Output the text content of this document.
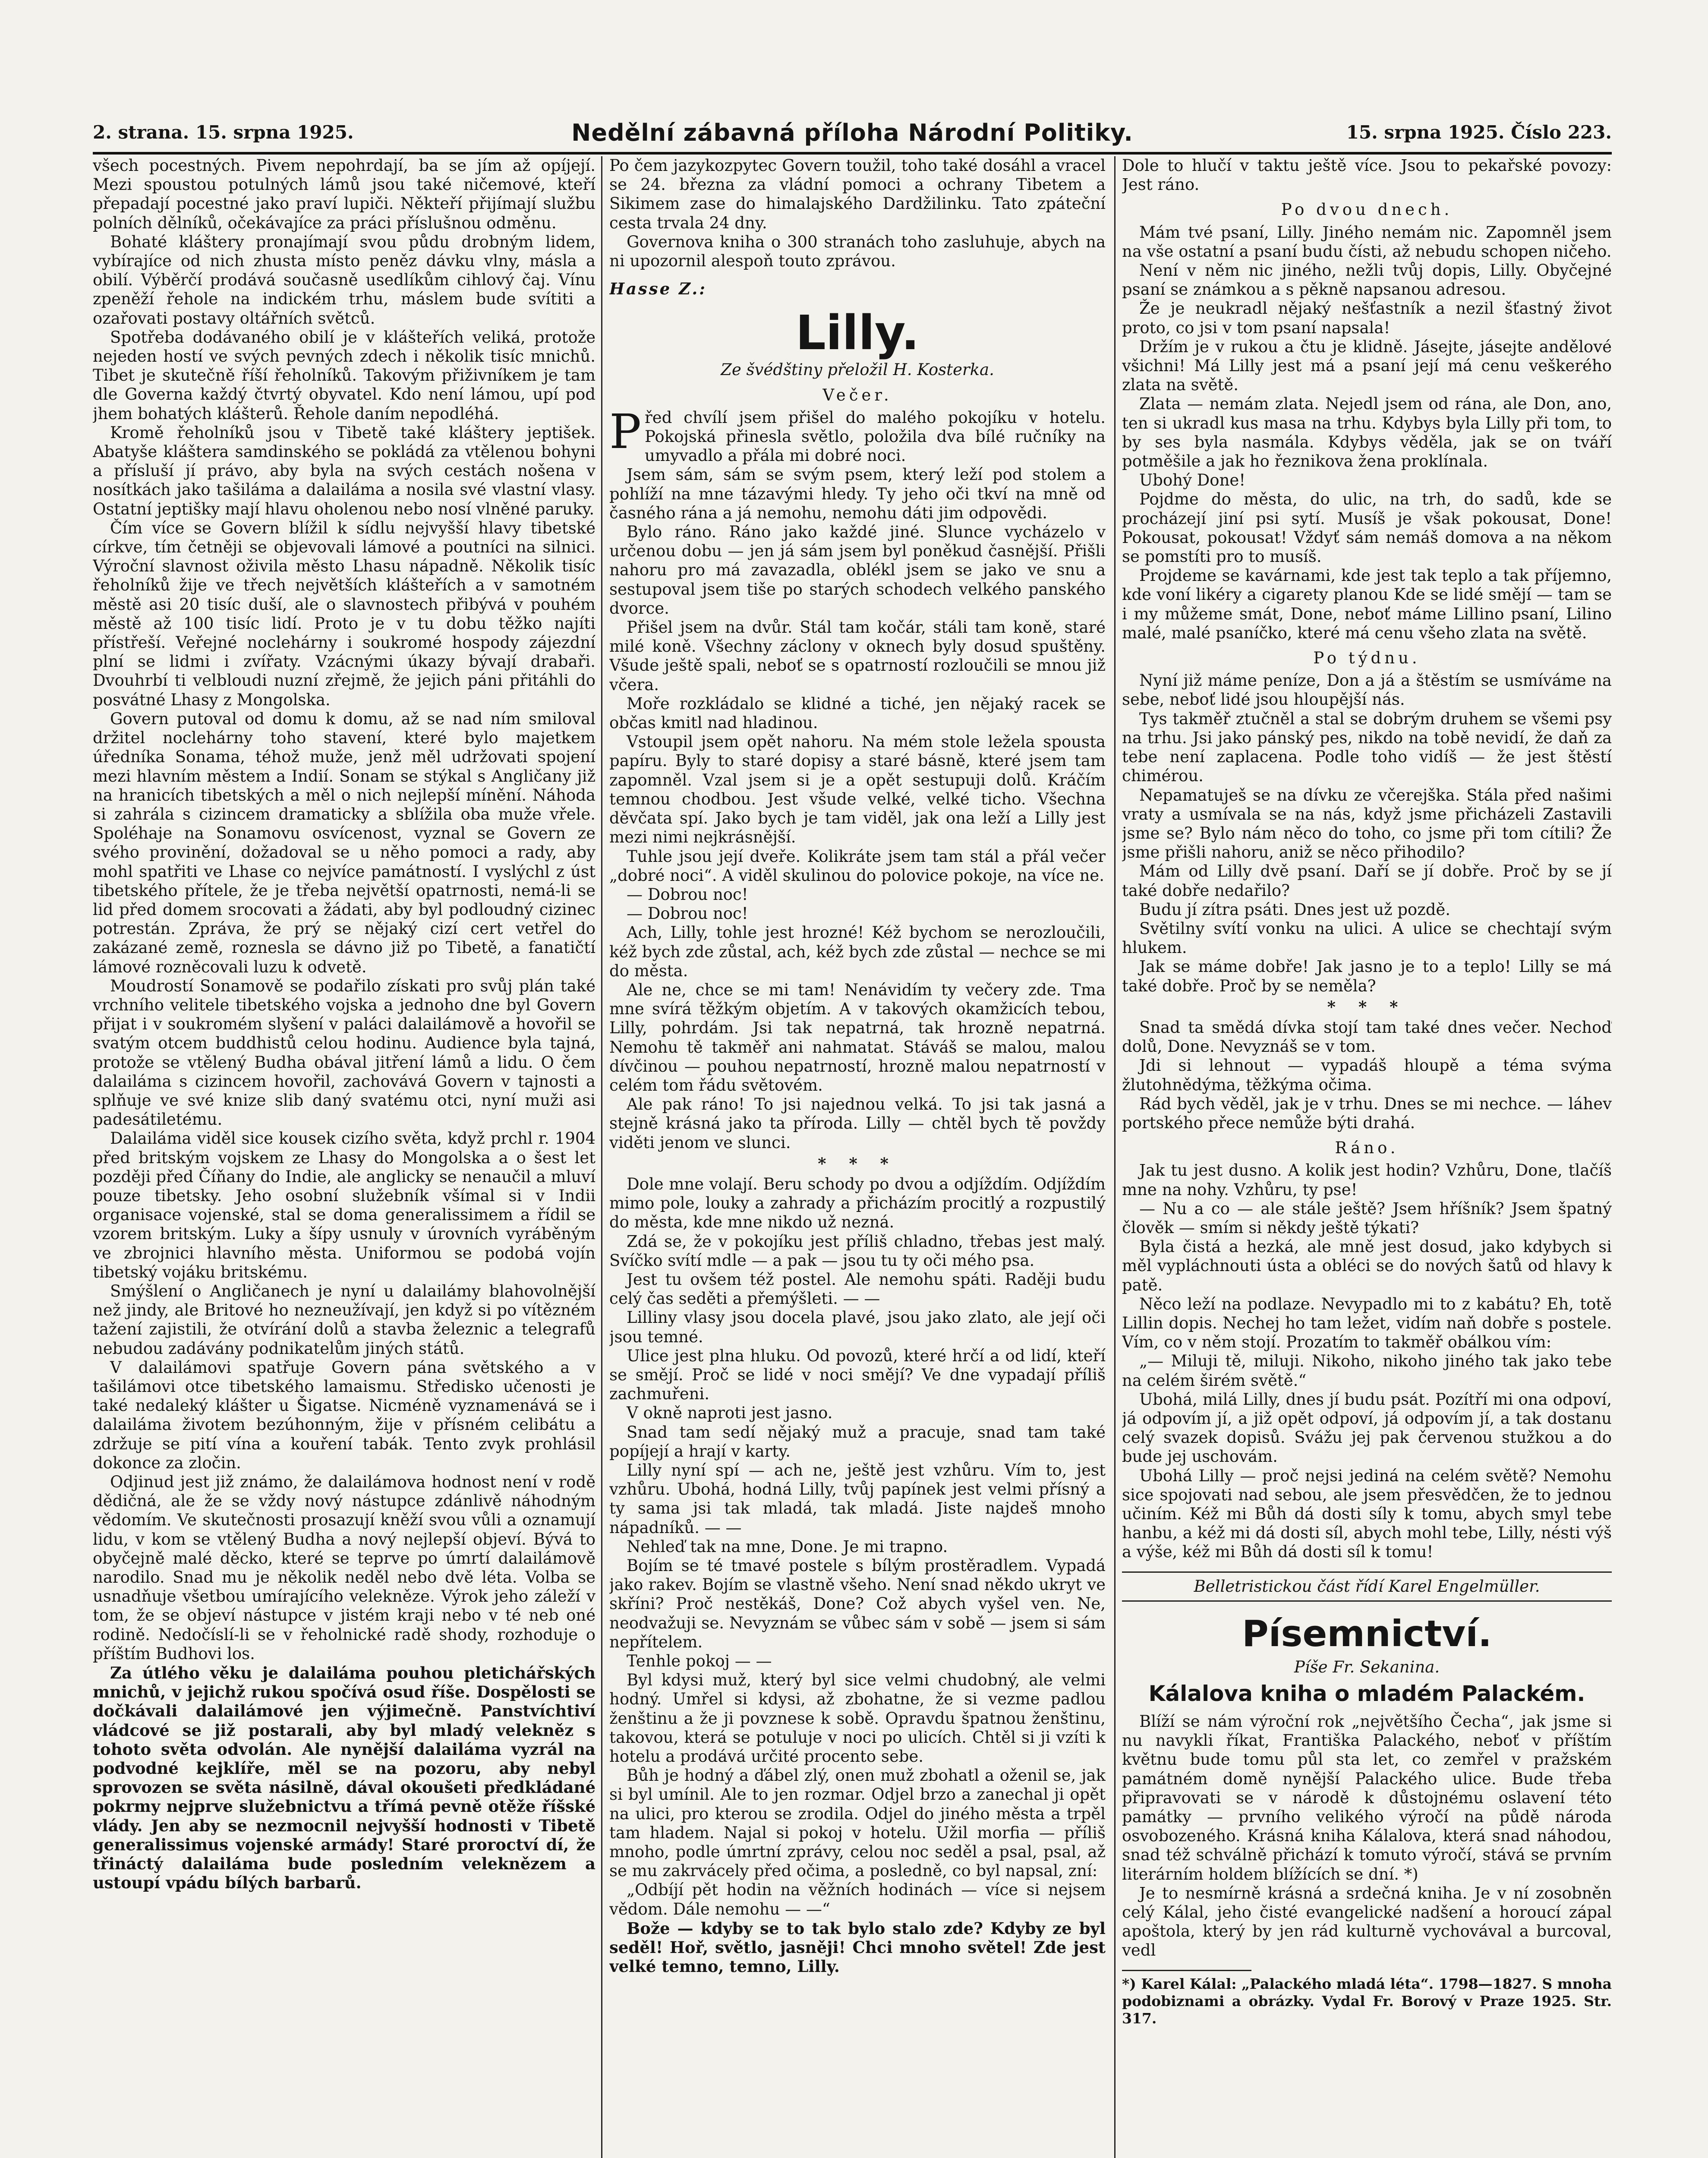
2. strana. 15. srpna 1925.	Nedělní zábavná příloha Národní Politiky.	15. srpna 1925. Číslo 223.

všech pocestných. Pivem nepohrdají, ba se jím až opíjejí. Mezi spoustou potulných lámů jsou také ničemové, kteří přepadají pocestné jako praví lupiči. Někteří přijímají službu polních dělníků, očekávajíce za práci příslušnou odměnu.

Bohaté kláštery pronajímají svou půdu drobným lidem, vybírajíce od nich zhusta místo peněz dávku vlny, másla a obilí. Výběrčí prodává současně usedlíkům cihlový čaj. Vínu zpeněží řehole na indickém trhu, máslem bude svítiti a ozařovati postavy oltářních světců.

Spotřeba dodávaného obilí je v klášteřích veliká, protože nejeden hostí ve svých pevných zdech i několik tisíc mnichů. Tibet je skutečně říší řeholníků. Takovým přiživníkem je tam dle Governa každý čtvrtý obyvatel. Kdo není lámou, upí pod jhem bohatých klášterů. Řehole daním nepodléhá.

Kromě řeholníků jsou v Tibetě také kláštery jeptišek. Abatyše kláštera samdinského se pokládá za vtělenou bohyni a přísluší jí právo, aby byla na svých cestách nošena v nosítkách jako tašiláma a dalailáma a nosila své vlastní vlasy. Ostatní jeptišky mají hlavu oholenou nebo nosí vlněné paruky.

Čím více se Govern blížil k sídlu nejvyšší hlavy tibetské církve, tím četněji se objevovali lámové a poutníci na silnici. Výroční slavnost oživila město Lhasu nápadně. Několik tisíc řeholníků žije ve třech největších klášteřích a v samotném městě asi 20 tisíc duší, ale o slavnostech přibývá v pouhém městě až 100 tisíc lidí. Proto je v tu dobu těžko najíti přístřeší. Veřejné noclehárny i soukromé hospody zájezdní plní se lidmi i zvířaty. Vzácnými úkazy bývají drabaři. Dvouhrbí ti velbloudi nuzní zřejmě, že jejich páni přitáhli do posvátné Lhasy z Mongolska.

Govern putoval od domu k domu, až se nad ním smiloval držitel noclehárny toho stavení, které bylo majetkem úředníka Sonama, téhož muže, jenž měl udržovati spojení mezi hlavním městem a Indií. Sonam se stýkal s Angličany již na hranicích tibetských a měl o nich nejlepší mínění. Náhoda si zahrála s cizincem dramaticky a sblížila oba muže vřele. Spoléhaje na Sonamovu osvícenost, vyznal se Govern ze svého provinění, dožadoval se u něho pomoci a rady, aby mohl spatřiti ve Lhase co nejvíce památností. I vyslýchl z úst tibetského přítele, že je třeba největší opatrnosti, nemá-li se lid před domem srocovati a žádati, aby byl podloudný cizinec potrestán. Zpráva, že prý se nějaký cizí cert vetřel do zakázané země, roznesla se dávno již po Tibetě, a fanatičtí lámové rozněcovali luzu k odvetě.

Moudrostí Sonamově se podařilo získati pro svůj plán také vrchního velitele tibetského vojska a jednoho dne byl Govern přijat i v soukromém slyšení v paláci dalailámově a hovořil se svatým otcem buddhistů celou hodinu. Audience byla tajná, protože se vtělený Budha obával jitření lámů a lidu. O čem dalailáma s cizincem hovořil, zachovává Govern v tajnosti a splňuje ve své knize slib daný svatému otci, nyní muži asi padesátiletému.

Dalailáma viděl sice kousek cizího světa, když prchl r. 1904 před britským vojskem ze Lhasy do Mongolska a o šest let později před Číňany do Indie, ale anglicky se nenaučil a mluví pouze tibetsky. Jeho osobní služebník všímal si v Indii organisace vojenské, stal se doma generalissimem a řídil se vzorem britským. Luky a šípy usnuly v úrovních vyráběným ve zbrojnici hlavního města. Uniformou se podobá vojín tibetský vojáku britskému.

Smýšlení o Angličanech je nyní u dalailámy blahovolnější než jindy, ale Britové ho nezneužívají, jen když si po vítězném tažení zajistili, že otvírání dolů a stavba železnic a telegrafů nebudou zadávány podnikatelům jiných států.

V dalailámovi spatřuje Govern pána světského a v tašilámovi otce tibetského lamaismu. Středisko učenosti je také nedaleký klášter u Šigatse. Nicméně vyznamenává se i dalailáma životem bezúhonným, žije v přísném celibátu a zdržuje se pití vína a kouření tabák. Tento zvyk prohlásil dokonce za zločin.

Odjinud jest již známo, že dalailámova hodnost není v rodě dědičná, ale že se vždy nový nástupce zdánlivě náhodným vědomím. Ve skutečnosti prosazují kněží svou vůli a oznamují lidu, v kom se vtělený Budha a nový nejlepší objeví. Bývá to obyčejně malé děcko, které se teprve po úmrtí dalailámově narodilo. Snad mu je několik neděl nebo dvě léta. Volba se usnadňuje všetbou umírajícího velekněze. Výrok jeho záleží v tom, že se objeví nástupce v jistém kraji nebo v té neb oné rodině. Nedočíslí-li se v řeholnické radě shody, rozhoduje o příštím Budhovi los.

Za útlého věku je dalailáma pouhou pletichářských mnichů, v jejichž rukou spočívá osud říše. Dospělosti se dočkávali dalailámové jen výjimečně. Panstvíchtiví vládcové se již postarali, aby byl mladý velekněz s tohoto světa odvolán. Ale nynější dalailáma vyzrál na podvodné kejklíře, měl se na pozoru, aby nebyl sprovozen se světa násilně, dával okoušeti předkládané pokrmy nejprve služebnictvu a třímá pevně otěže říšské vlády. Jen aby se nezmocnil nejvyšší hodnosti v Tibetě generalissimus vojenské armády! Staré proroctví dí, že třináctý dalailáma bude posledním veleknězem a ustoupí vpádu bílých barbarů.

Po čem jazykozpytec Govern toužil, toho také dosáhl a vracel se 24. března za vládní pomoci a ochrany Tibetem a Sikimem zase do himalajského Dardžilinku. Tato zpáteční cesta trvala 24 dny.

Governova kniha o 300 stranách toho zasluhuje, abych na ni upozornil alespoň touto zprávou.

Hasse Z.:
Lilly.
Ze švédštiny přeložil H. Kosterka.
Večer.

Před chvílí jsem přišel do malého pokojíku v hotelu. Pokojská přinesla světlo, položila dva bílé ručníky na umyvadlo a přála mi dobré noci.

Jsem sám, sám se svým psem, který leží pod stolem a pohlíží na mne tázavými hledy. Ty jeho oči tkví na mně od časného rána a já nemohu, nemohu dáti jim odpovědi.

Bylo ráno. Ráno jako každé jiné. Slunce vycházelo v určenou dobu — jen já sám jsem byl poněkud časnější. Přišli nahoru pro má zavazadla, oblékl jsem se jako ve snu a sestupoval jsem tiše po starých schodech velkého panského dvorce.

Přišel jsem na dvůr. Stál tam kočár, stáli tam koně, staré milé koně. Všechny záclony v oknech byly dosud spuštěny. Všude ještě spali, neboť se s opatrností rozloučili se mnou již včera.

Moře rozkládalo se klidné a tiché, jen nějaký racek se občas kmitl nad hladinou.

Vstoupil jsem opět nahoru. Na mém stole ležela spousta papíru. Byly to staré dopisy a staré básně, které jsem tam zapomněl. Vzal jsem si je a opět sestupuji dolů. Kráčím temnou chodbou. Jest všude velké, velké ticho. Všechna děvčata spí. Jako bych je tam viděl, jak ona leží a Lilly jest mezi nimi nejkrásnější.

Tuhle jsou její dveře. Kolikráte jsem tam stál a přál večer „dobré noci“. A viděl skulinou do polovice pokoje, na více ne.

— Dobrou noc!

— Dobrou noc!

Ach, Lilly, tohle jest hrozné! Kéž bychom se nerozloučili, kéž bych zde zůstal, ach, kéž bych zde zůstal — nechce se mi do města.

Ale ne, chce se mi tam! Nenávidím ty večery zde. Tma mne svírá těžkým objetím. A v takových okamžicích tebou, Lilly, pohrdám. Jsi tak nepatrná, tak hrozně nepatrná. Nemohu tě takměř ani nahmatat. Stáváš se malou, malou dívčinou — pouhou nepatrností, hrozně malou nepatrností v celém tom řádu světovém.

Ale pak ráno! To jsi najednou velká. To jsi tak jasná a stejně krásná jako ta příroda. Lilly — chtěl bych tě povždy viděti jenom ve slunci.

* * *

Dole mne volají. Beru schody po dvou a odjíždím. Odjíždím mimo pole, louky a zahrady a přicházím procitlý a rozpustilý do města, kde mne nikdo už nezná.

Zdá se, že v pokojíku jest příliš chladno, třebas jest malý. Svíčko svítí mdle — a pak — jsou tu ty oči mého psa.

Jest tu ovšem též postel. Ale nemohu spáti. Raději budu celý čas seděti a přemýšleti. — —

Lilliny vlasy jsou docela plavé, jsou jako zlato, ale její oči jsou temné.

Ulice jest plna hluku. Od povozů, které hrčí a od lidí, kteří se smějí. Proč se lidé v noci smějí? Ve dne vypadají příliš zachmuřeni.

V okně naproti jest jasno.

Snad tam sedí nějaký muž a pracuje, snad tam také popíjejí a hrají v karty.

Lilly nyní spí — ach ne, ještě jest vzhůru. Vím to, jest vzhůru. Ubohá, hodná Lilly, tvůj papínek jest velmi přísný a ty sama jsi tak mladá, tak mladá. Jiste najdeš mnoho nápadníků. — —

Nehleď tak na mne, Done. Je mi trapno.

Bojím se té tmavé postele s bílým prostěradlem. Vypadá jako rakev. Bojím se vlastně všeho. Není snad někdo ukryt ve skříni? Proč nestěkáš, Done? Což abych vyšel ven. Ne, neodvažuji se. Nevyznám se vůbec sám v sobě — jsem si sám nepřítelem.

Tenhle pokoj — —

Byl kdysi muž, který byl sice velmi chudobný, ale velmi hodný. Umřel si kdysi, až zbohatne, že si vezme padlou ženštinu a že ji povznese k sobě. Opravdu špatnou ženštinu, takovou, která se potuluje v noci po ulicích. Chtěl si ji vzíti k hotelu a prodává určité procento sebe.

Bůh je hodný a ďábel zlý, onen muž zbohatl a oženil se, jak si byl umínil. Ale to jen rozmar. Odjel brzo a zanechal ji opět na ulici, pro kterou se zrodila. Odjel do jiného města a trpěl tam hladem. Najal si pokoj v hotelu. Užil morfia — příliš mnoho, podle úmrtní zprávy, celou noc seděl a psal, psal, až se mu zakrvácely před očima, a posledně, co byl napsal, zní:

„Odbíjí pět hodin na věžních hodinách — více si nejsem vědom. Dále nemohu — —“

Bože — kdyby se to tak bylo stalo zde? Kdyby ze byl seděl! Hoř, světlo, jasněji! Chci mnoho světel! Zde jest velké temno, temno, Lilly.

Dole to hlučí v taktu ještě více. Jsou to pekařské povozy: Jest ráno.

Po dvou dnech.

Mám tvé psaní, Lilly. Jiného nemám nic. Zapomněl jsem na vše ostatní a psaní budu čísti, až nebudu schopen ničeho.

Není v něm nic jiného, nežli tvůj dopis, Lilly. Obyčejné psaní se známkou a s pěkně napsanou adresou.

Že je neukradl nějaký nešťastník a nezil šťastný život proto, co jsi v tom psaní napsala!

Držím je v rukou a čtu je klidně. Jásejte, jásejte andělové všichni! Má Lilly jest má a psaní její má cenu veškerého zlata na světě.

Zlata — nemám zlata. Nejedl jsem od rána, ale Don, ano, ten si ukradl kus masa na trhu. Kdybys byla Lilly při tom, to by ses byla nasmála. Kdybys věděla, jak se on tváří potměšile a jak ho řeznikova žena proklínala.

Ubohý Done!

Pojdme do města, do ulic, na trh, do sadů, kde se procházejí jiní psi sytí. Musíš je však pokousat, Done! Pokousat, pokousat! Vždyť sám nemáš domova a na někom se pomstíti pro to musíš.

Projdeme se kavárnami, kde jest tak teplo a tak příjemno, kde voní likéry a cigarety planou Kde se lidé smějí — tam se i my můžeme smát, Done, neboť máme Lillino psaní, Lilino malé, malé psaníčko, které má cenu všeho zlata na světě.

Po týdnu.

Nyní již máme peníze, Don a já a štěstím se usmíváme na sebe, neboť lidé jsou hloupější nás.

Tys takměř ztučněl a stal se dobrým druhem se všemi psy na trhu. Jsi jako pánský pes, nikdo na tobě nevidí, že daň za tebe není zaplacena. Podle toho vidíš — že jest štěstí chimérou.

Nepamatuješ se na dívku ze včerejška. Stála před našimi vraty a usmívala se na nás, když jsme přicházeli Zastavili jsme se? Bylo nám něco do toho, co jsme při tom cítili? Že jsme přišli nahoru, aniž se něco přihodilo?

Mám od Lilly dvě psaní. Daří se jí dobře. Proč by se jí také dobře nedařilo?

Budu jí zítra psáti. Dnes jest už pozdě.

Světilny svítí vonku na ulici. A ulice se chechtají svým hlukem.

Jak se máme dobře! Jak jasno je to a teplo! Lilly se má také dobře. Proč by se neměla?

* * *

Snad ta smědá dívka stojí tam také dnes večer. Nechoď dolů, Done. Nevyznáš se v tom.

Jdi si lehnout — vypadáš hloupě a téma svýma žlutohnědýma, těžkýma očima.

Rád bych věděl, jak je v trhu. Dnes se mi nechce. — láhev portského přece nemůže býti drahá.

Ráno.

Jak tu jest dusno. A kolik jest hodin? Vzhůru, Done, tlačíš mne na nohy. Vzhůru, ty pse!

— Nu a co — ale stále ještě? Jsem hříšník? Jsem špatný člověk — smím si někdy ještě týkati?

Byla čistá a hezká, ale mně jest dosud, jako kdybych si měl vypláchnouti ústa a obléci se do nových šatů od hlavy k patě.

Něco leží na podlaze. Nevypadlo mi to z kabátu? Eh, totě Lillin dopis. Nechej ho tam ležet, vidím naň dobře s postele. Vím, co v něm stojí. Prozatím to takměř obálkou vím:

„— Miluji tě, miluji. Nikoho, nikoho jiného tak jako tebe na celém širém světě.“

Ubohá, milá Lilly, dnes jí budu psát. Pozítří mi ona odpoví, já odpovím jí, a již opět odpoví, já odpovím jí, a tak dostanu celý svazek dopisů. Svážu jej pak červenou stužkou a do bude jej uschovám.

Ubohá Lilly — proč nejsi jediná na celém světě? Nemohu sice spojovati nad sebou, ale jsem přesvědčen, že to jednou učiním. Kéž mi Bůh dá dosti síly k tomu, abych smyl tebe hanbu, a kéž mi dá dosti síl, abych mohl tebe, Lilly, nésti výš a výše, kéž mi Bůh dá dosti síl k tomu!

Belletristickou část řídí Karel Engelmüller.
Písemnictví.
Píše Fr. Sekanina.
Kálalova kniha o mladém Palackém.

Blíží se nám výroční rok „největšího Čecha“, jak jsme si nu navykli říkat, Františka Palackého, neboť v příštím květnu bude tomu půl sta let, co zemřel v pražském památném domě nynější Palackého ulice. Bude třeba připravovati se v národě k důstojnému oslavení této památky — prvního velikého výročí na půdě národa osvobozeného. Krásná kniha Kálalova, která snad náhodou, snad též schválně přichází k tomuto výročí, stává se prvním literárním holdem blížících se dní. *)

Je to nesmírně krásná a srdečná kniha. Je v ní zosobněn celý Kálal, jeho čisté evangelické nadšení a horoucí zápal apoštola, který by jen rád kulturně vychovával a burcoval, vedl

*) Karel Kálal: „Palackého mladá léta“. 1798—1827. S mnoha podobiznami a obrázky. Vydal Fr. Borový v Praze 1925. Str. 317.
